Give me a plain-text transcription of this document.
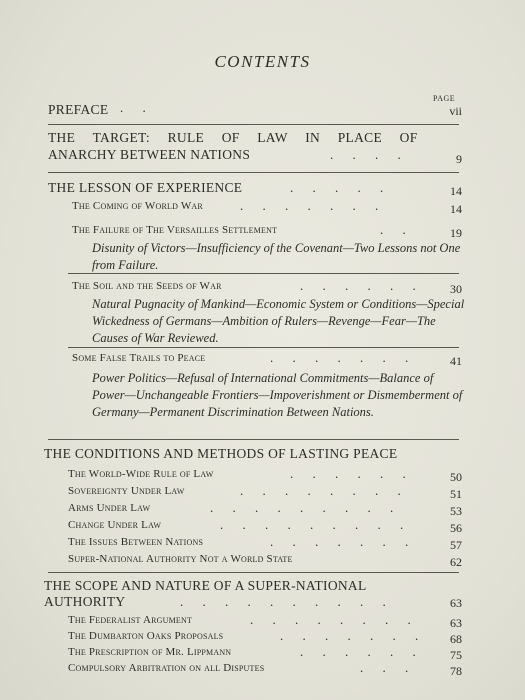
CONTENTS
PAGE
PREFACE . .	vii
THE TARGET: RULE OF LAW IN PLACE OF
ANARCHY BETWEEN NATIONS	. . . .	9
THE LESSON OF EXPERIENCE	. . . . .	14
The Coming of World War	. . . . . . .	14
The Failure of The Versailles Settlement	. .	19
Disunity of Victors—Insufficiency of the Covenant—Two Lessons not One from Failure.
The Soil and the Seeds of War	. . . . . . 30
Natural Pugnacity of Mankind—Economic System or Conditions—Special Wickedness of Germans—Ambition of Rulers—Revenge—Fear—The Causes of War Reviewed.
Some False Trails to Peace	. . . . . . .	41
Power Politics—Refusal of International Commitments—Balance of Power—Unchangeable Frontiers—Impoverishment or Dismemberment of Germany—Permanent Discrimination Between Nations.
THE CONDITIONS AND METHODS OF LASTING PEACE
The World-Wide Rule of Law	. . . . . .	50
Sovereignty Under Law	. . . . . . . .	51
Arms Under Law	. . . . . . . . .	53
Change Under Law	. . . . . . . . .	56
The Issues Between Nations	. . . . . . .	57
Super-National Authority Not a World State	62
THE SCOPE AND NATURE OF A SUPER-NATIONAL
AUTHORITY	. . . . . . . . . .	63
The Federalist Argument	. . . . . . . .	63
The Dumbarton Oaks Proposals	. . . . . . . 68
The Prescription of Mr. Lippmann	. . . . . . 75
Compulsory Arbitration on all Disputes	. . .	78
